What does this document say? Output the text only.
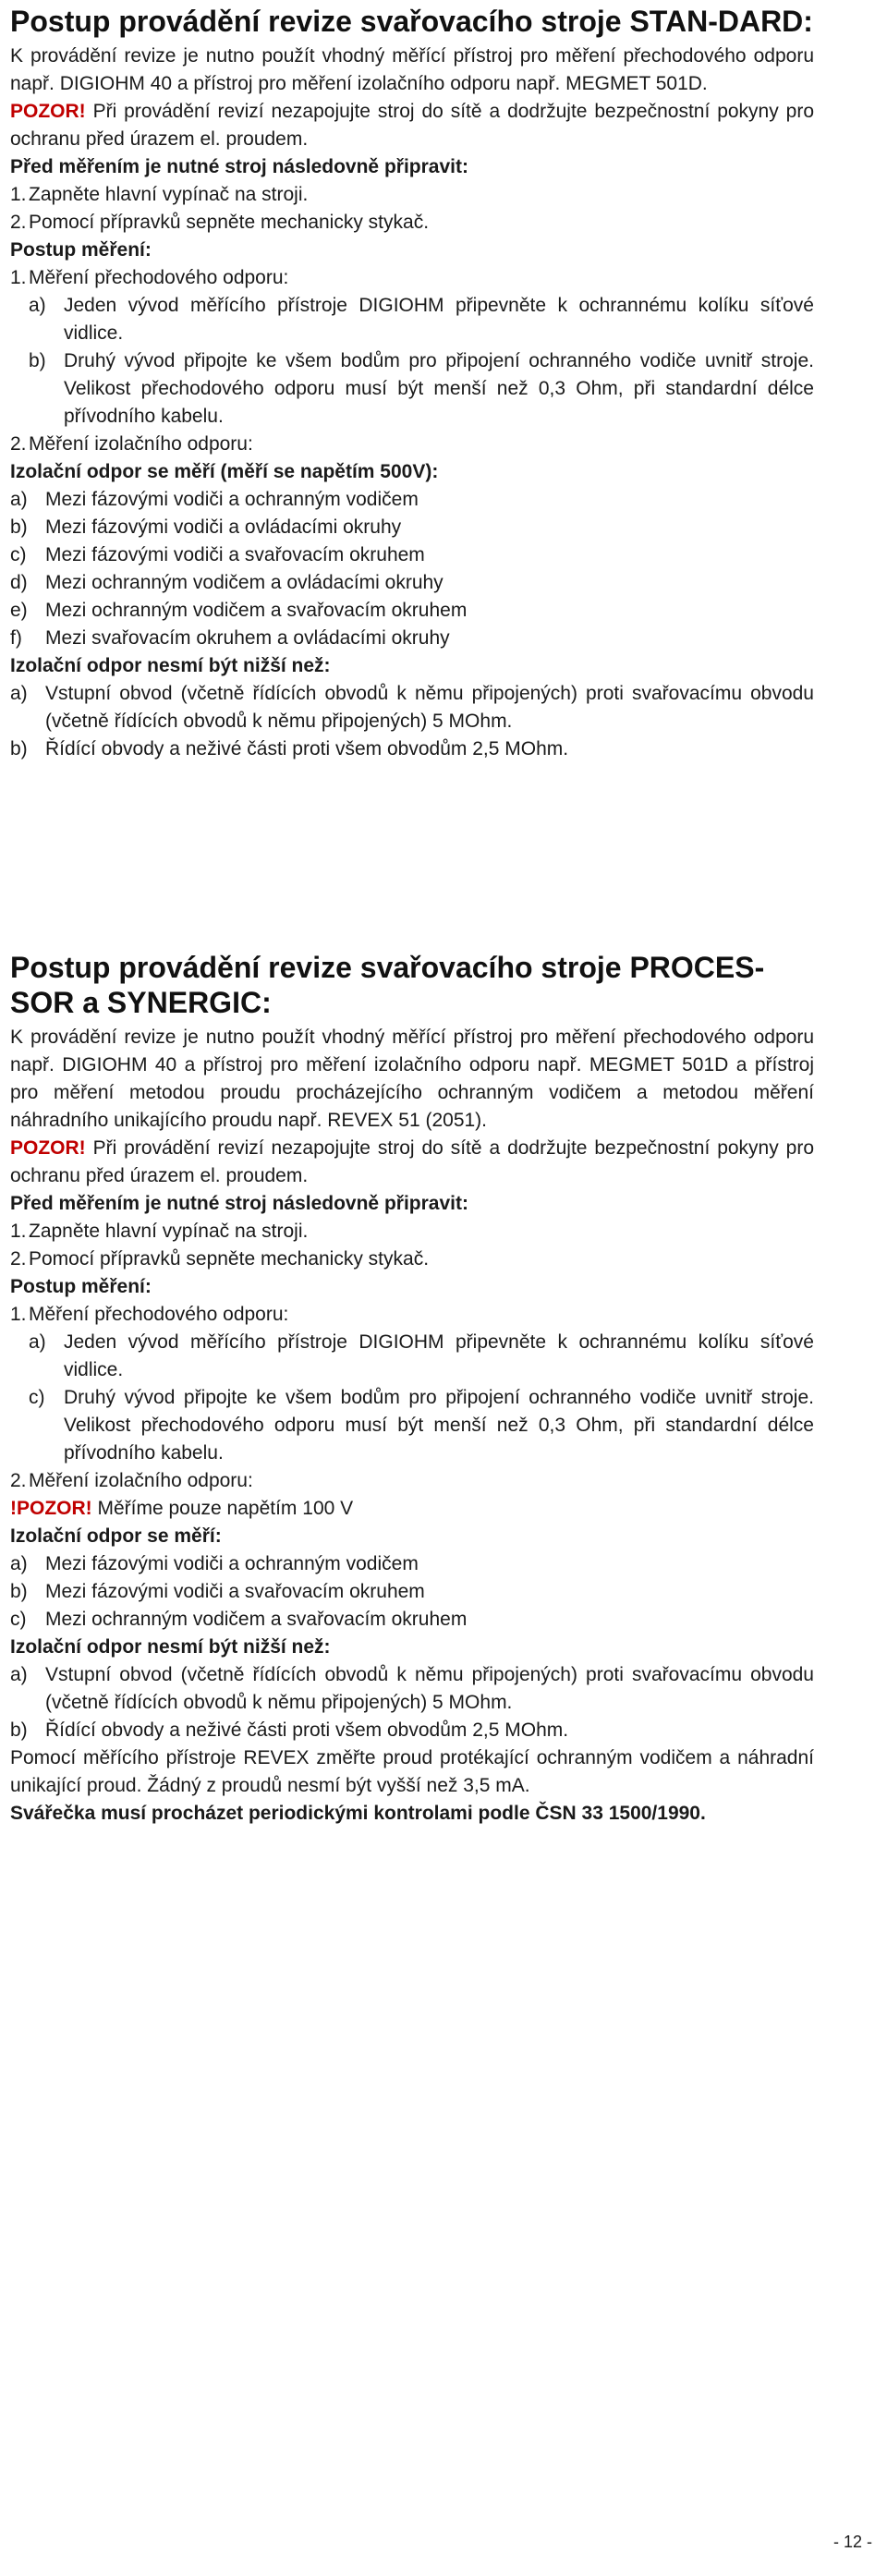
Postup provádění revize svařovacího stroje STAN-DARD:

K provádění revize je nutno použít vhodný měřící přístroj pro měření přechodového odporu např. DIGIOHM 40 a přístroj pro měření izolačního odporu např. MEGMET 501D.

POZOR! Při provádění revizí nezapojujte stroj do sítě a dodržujte bezpečnostní pokyny pro ochranu před úrazem el. proudem.

Před měřením je nutné stroj následovně připravit:

1. Zapněte hlavní vypínač na stroji.
2. Pomocí přípravků sepněte mechanicky stykač.

Postup měření:

1. Měření přechodového odporu:
a) Jeden vývod měřícího přístroje DIGIOHM připevněte k ochrannému kolíku síťové vidlice.
b) Druhý vývod připojte ke všem bodům pro připojení ochranného vodiče uvnitř stroje. Velikost přechodového odporu musí být menší než 0,3 Ohm, při standardní délce přívodního kabelu.
2. Měření izolačního odporu:

Izolační odpor se měří (měří se napětím 500V):

a) Mezi fázovými vodiči a ochranným vodičem
b) Mezi fázovými vodiči a ovládacími okruhy
c) Mezi fázovými vodiči a svařovacím okruhem
d) Mezi ochranným vodičem a ovládacími okruhy
e) Mezi ochranným vodičem a svařovacím okruhem
f)	Mezi svařovacím okruhem a ovládacími okruhy

Izolační odpor nesmí být nižší než:

a) Vstupní obvod (včetně řídících obvodů k němu připojených) proti svařovacímu obvodu (včetně řídících obvodů k němu připojených) 5 MOhm.
b) Řídící obvody a neživé části proti všem obvodům 2,5 MOhm.
Postup provádění revize svařovacího stroje PROCES-SOR a SYNERGIC:

K provádění revize je nutno použít vhodný měřící přístroj pro měření přechodového odporu např. DIGIOHM 40 a přístroj pro měření izolačního odporu např. MEGMET 501D a přístroj pro měření metodou proudu procházejícího ochranným vodičem a metodou měření náhradního unikajícího proudu např. REVEX 51 (2051).

POZOR! Při provádění revizí nezapojujte stroj do sítě a dodržujte bezpečnostní pokyny pro ochranu před úrazem el. proudem.

Před měřením je nutné stroj následovně připravit:

1. Zapněte hlavní vypínač na stroji.
2. Pomocí přípravků sepněte mechanicky stykač.

Postup měření:

1. Měření přechodového odporu:
a) Jeden vývod měřícího přístroje DIGIOHM připevněte k ochrannému kolíku síťové vidlice.
c) Druhý vývod připojte ke všem bodům pro připojení ochranného vodiče uvnitř stroje. Velikost přechodového odporu musí být menší než 0,3 Ohm, při standardní délce přívodního kabelu.
2. Měření izolačního odporu:

!POZOR! Měříme pouze napětím 100 V

Izolační odpor se měří:

a) Mezi fázovými vodiči a ochranným vodičem
b) Mezi fázovými vodiči a svařovacím okruhem
c) Mezi ochranným vodičem a svařovacím okruhem

Izolační odpor nesmí být nižší než:

a) Vstupní obvod (včetně řídících obvodů k němu připojených) proti svařovacímu obvodu (včetně řídících obvodů k němu připojených) 5 MOhm.
b) Řídící obvody a neživé části proti všem obvodům 2,5 MOhm.

Pomocí měřícího přístroje REVEX změřte proud protékající ochranným vodičem a náhradní unikající proud. Žádný z proudů nesmí být vyšší než 3,5 mA.

Svářečka musí procházet periodickými kontrolami podle ČSN 33 1500/1990.

- 12 -
